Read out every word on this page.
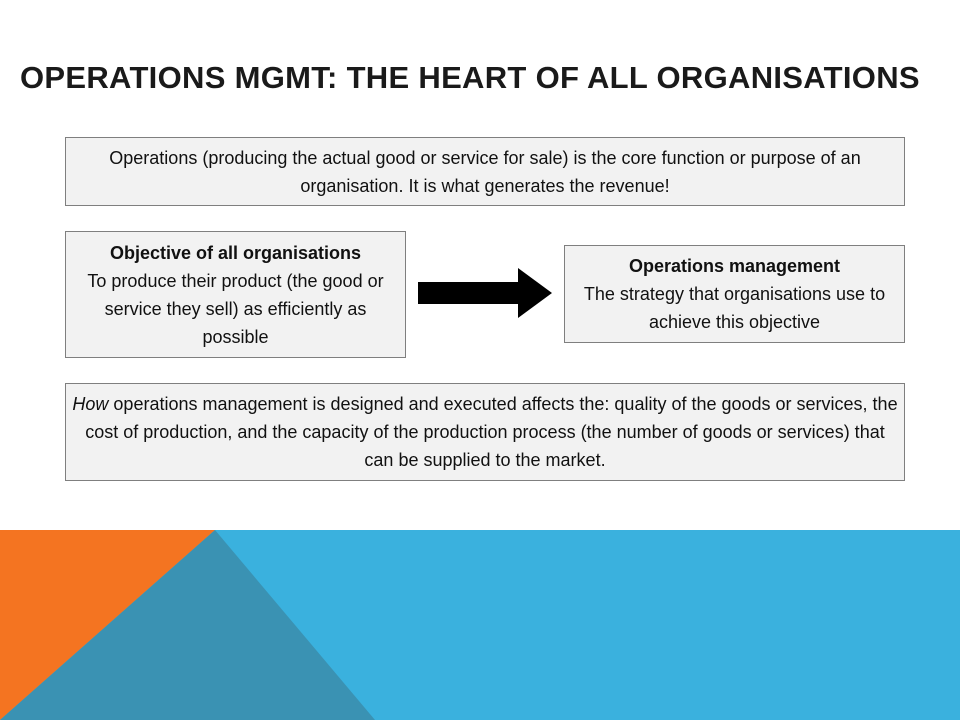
OPERATIONS MGMT: THE HEART OF ALL ORGANISATIONS
Operations (producing the actual good or service for sale) is the core function or purpose of an organisation. It is what generates the revenue!
Objective of all organisations
To produce their product (the good or service they sell) as efficiently as possible
Operations management
The strategy that organisations use to achieve this objective
How operations management is designed and executed affects the: quality of the goods or services, the cost of production, and the capacity of the production process (the number of goods or services) that can be supplied to the market.
